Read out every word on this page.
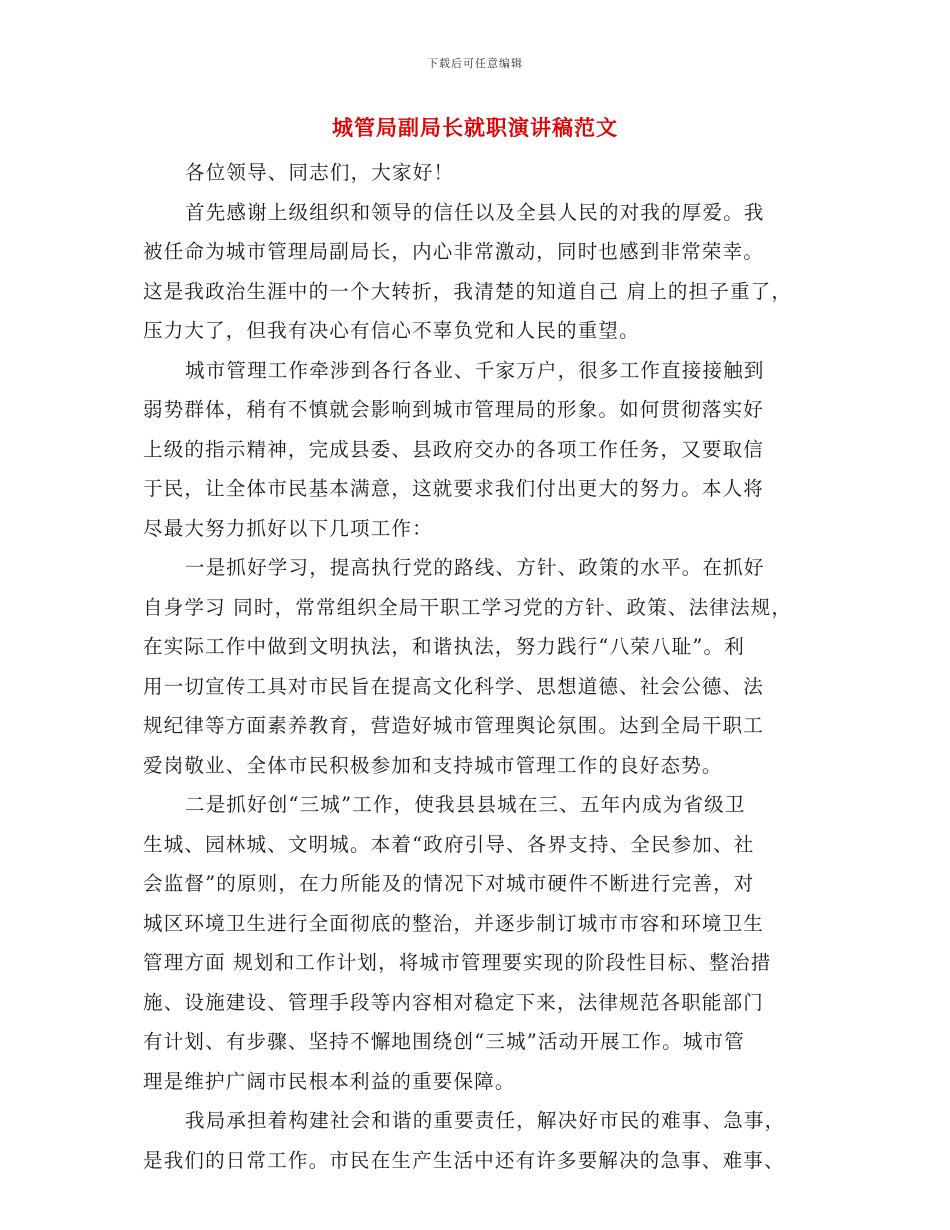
下载后可任意编辑
城管局副局长就职演讲稿范文
各位领导、同志们，大家好！
首先感谢上级组织和领导的信任以及全县人民的对我的厚爱。我
被任命为城市管理局副局长，内心非常激动，同时也感到非常荣幸。
这是我政治生涯中的一个大转折，我清楚的知道自己 肩上的担子重了，
压力大了，但我有决心有信心不辜负党和人民的重望。
城市管理工作牵涉到各行各业、千家万户，很多工作直接接触到
弱势群体，稍有不慎就会影响到城市管理局的形象。如何贯彻落实好
上级的指示精神，完成县委、县政府交办的各项工作任务，又要取信
于民，让全体市民基本满意，这就要求我们付出更大的努力。本人将
尽最大努力抓好以下几项工作：
一是抓好学习，提高执行党的路线、方针、政策的水平。在抓好
自身学习 同时，常常组织全局干职工学习党的方针、政策、法律法规，
在实际工作中做到文明执法，和谐执法，努力践行“八荣八耻”。利
用一切宣传工具对市民旨在提高文化科学、思想道德、社会公德、法
规纪律等方面素养教育，营造好城市管理舆论氛围。达到全局干职工
爱岗敬业、全体市民积极参加和支持城市管理工作的良好态势。
二是抓好创“三城”工作，使我县县城在三、五年内成为省级卫
生城、园林城、文明城。本着“政府引导、各界支持、全民参加、社
会监督”的原则，在力所能及的情况下对城市硬件不断进行完善，对
城区环境卫生进行全面彻底的整治，并逐步制订城市市容和环境卫生
管理方面 规划和工作计划，将城市管理要实现的阶段性目标、整治措
施、设施建设、管理手段等内容相对稳定下来，法律规范各职能部门
有计划、有步骤、坚持不懈地围绕创“三城”活动开展工作。城市管
理是维护广阔市民根本利益的重要保障。
我局承担着构建社会和谐的重要责任，解决好市民的难事、急事，
是我们的日常工作。市民在生产生活中还有许多要解决的急事、难事、
